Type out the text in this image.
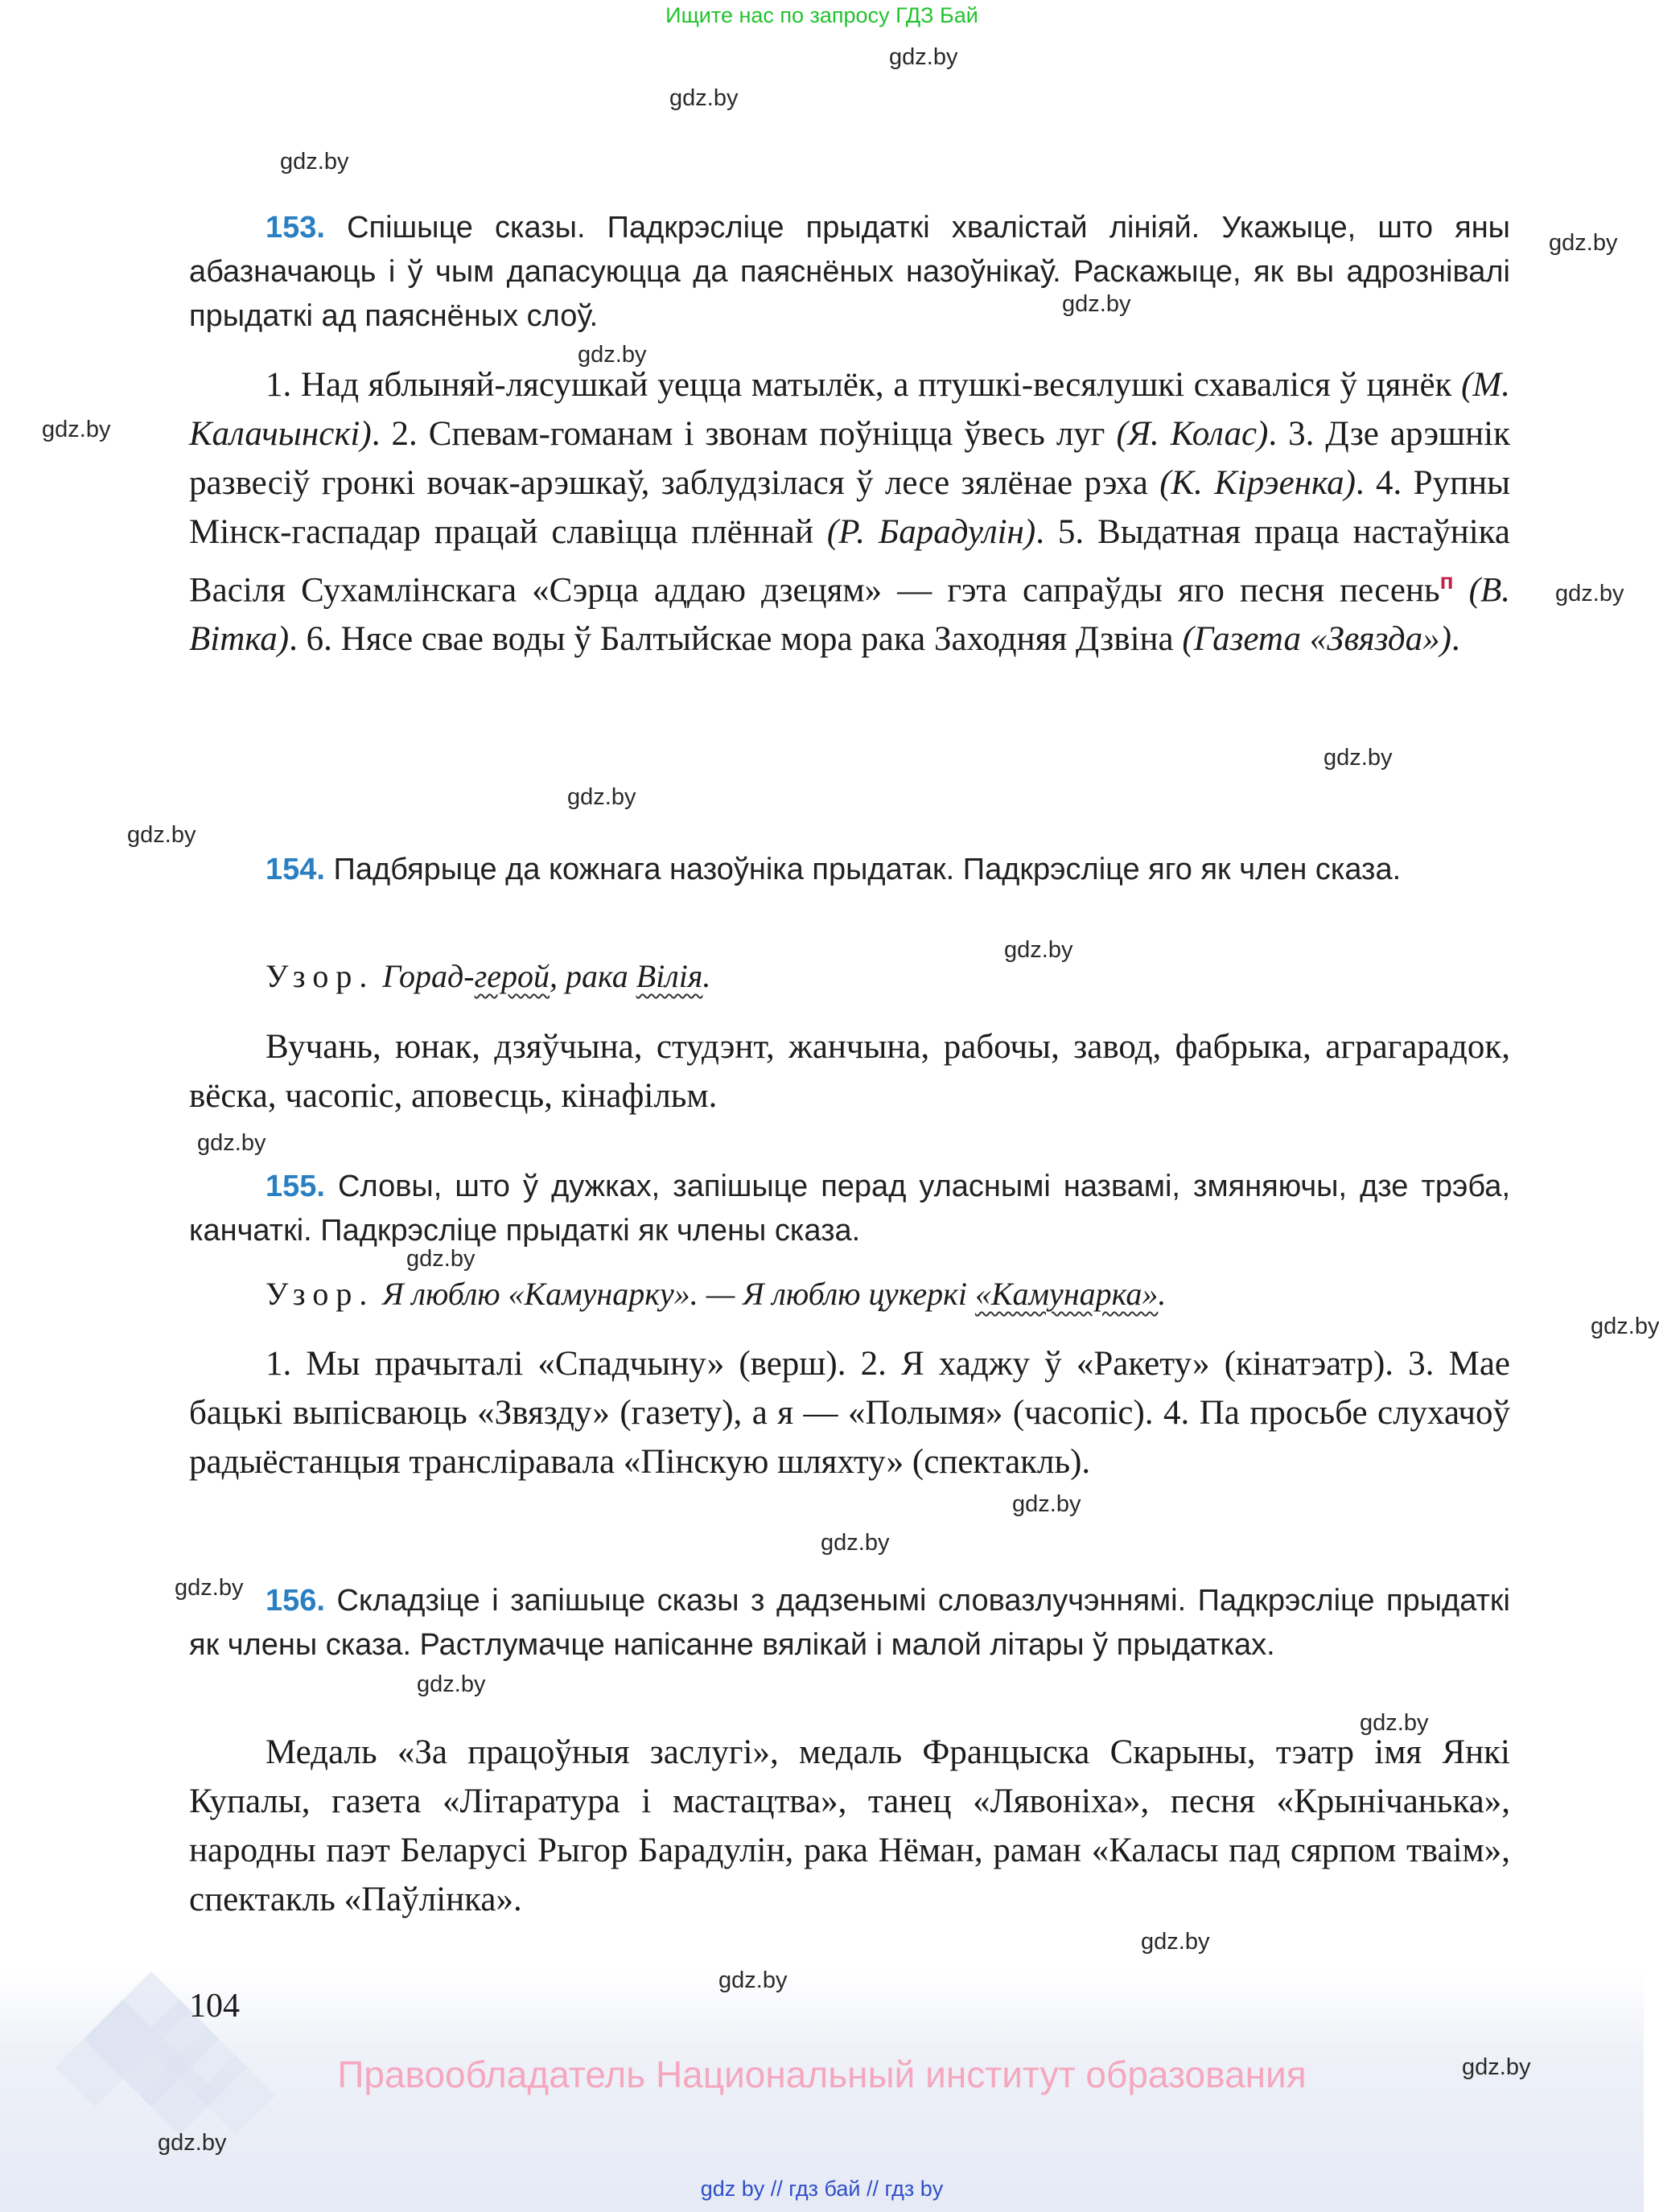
Ищите нас по запросу ГДЗ Бай
gdz.by
gdz.by
gdz.by
gdz.by
gdz.by
gdz.by
gdz.by
gdz.by
gdz.by
gdz.by
gdz.by
gdz.by
gdz.by
gdz.by
gdz.by
gdz.by
gdz.by
gdz.by
gdz.by
gdz.by
gdz.by
gdz.by
gdz.by
gdz.by
153. Спішыце сказы. Падкрэсліце прыдаткі хвалістай лініяй. Укажыце, што яны абазначаюць і ў чым дапасуюцца да паяснёных назоўнікаў. Раскажыце, як вы адрознівалі прыдаткі ад паяснёных слоў.
1. Над яблыняй-лясушкай уецца матылёк, а птушкі-весялушкі схаваліся ў цянёк (М. Калачынскі). 2. Спевам-гоманам і звонам поўніцца ўвесь луг (Я. Колас). 3. Дзе арэшнік развесіў гронкі вочак-арэшкаў, заблудзілася ў лесе зялёнае рэха (К. Кірэенка). 4. Рупны Мінск-гаспадар працай славіцца плённай (Р. Барадулін). 5. Выдатная праца настаўніка Васіля Сухамлінскага «Сэрца аддаю дзецям» — гэта сапраўды яго песня песень$^п$ (В. Вітка). 6. Нясе свае воды ў Балтыйскае мора рака Заходняя Дзвіна (Газета «Звязда»).
154. Падбярыце да кожнага назоўніка прыдатак. Падкрэсліце яго як член сказа.
Узор. Горад-герой, рака Вілія.
Вучань, юнак, дзяўчына, студэнт, жанчына, рабочы, завод, фабрыка, аграгарадок, вёска, часопіс, аповесць, кінафільм.
155. Словы, што ў дужках, запішыце перад уласнымі назвамі, змяняючы, дзе трэба, канчаткі. Падкрэсліце прыдаткі як члены сказа.
Узор. Я люблю «Камунарку». — Я люблю цукеркі «Камунарка».
1. Мы прачыталі «Спадчыну» (верш). 2. Я хаджу ў «Ракету» (кінатэатр). 3. Мае бацькі выпісваюць «Звязду» (газету), а я — «Полымя» (часопіс). 4. Па просьбе слухачоў радыёстанцыя транслiравала «Пінскую шляхту» (спектакль).
156. Складзіце і запішыце сказы з дадзенымі словазлучэннямі. Падкрэсліце прыдаткі як члены сказа. Растлумачце напісанне вялікай і малой літары ў прыдатках.
Медаль «За працоўныя заслугі», медаль Францыска Скарыны, тэатр імя Янкі Купалы, газета «Літаратура і мастацтва», танец «Лявоніха», песня «Крынічанька», народны паэт Беларусі Рыгор Барадулін, рака Нёман, раман «Каласы пад сярпом тваім», спектакль «Паўлінка».
104
Правообладатель Национальный институт образования
gdz by // гдз бай // гдз by
